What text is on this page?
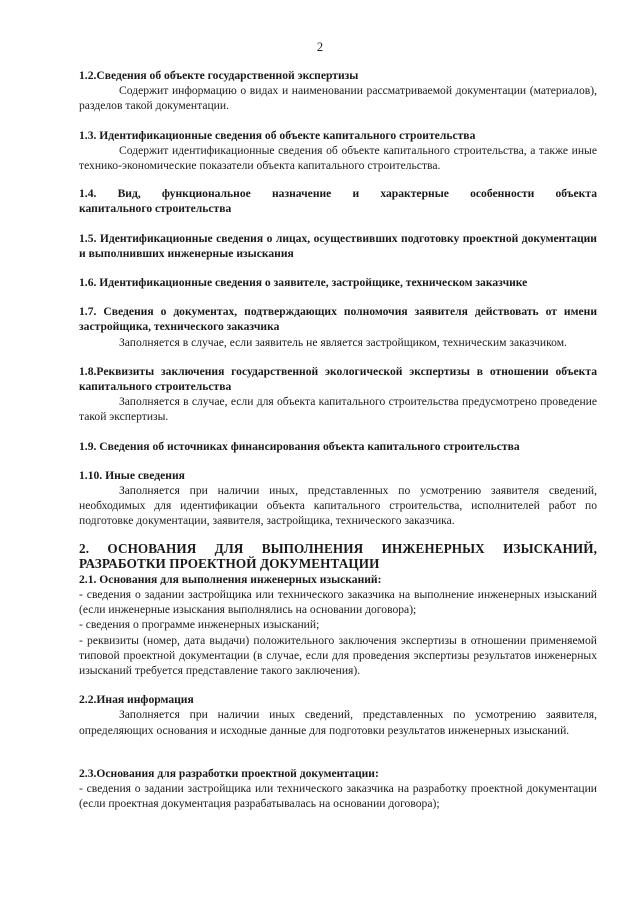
2
1.2.Сведения об объекте государственной экспертизы
Содержит информацию о видах и наименовании рассматриваемой документации (материалов), разделов такой документации.
1.3. Идентификационные сведения об объекте капитального строительства
Содержит идентификационные сведения об объекте капитального строительства, а также иные технико-экономические показатели объекта капитального строительства.
1.4. Вид, функциональное назначение и характерные особенности объекта
капитального строительства
1.5. Идентификационные сведения о лицах, осуществивших подготовку проектной документации и выполнивших инженерные изыскания
1.6. Идентификационные сведения о заявителе, застройщике, техническом заказчике
1.7. Сведения о документах, подтверждающих полномочия заявителя действовать от имени застройщика, технического заказчика
Заполняется в случае, если заявитель не является застройщиком, техническим заказчиком.
1.8.Реквизиты заключения государственной экологической экспертизы в отношении объекта капитального строительства
Заполняется в случае, если для объекта капитального строительства предусмотрено проведение такой экспертизы.
1.9. Сведения об источниках финансирования объекта капитального строительства
1.10. Иные сведения
Заполняется при наличии иных, представленных по усмотрению заявителя сведений, необходимых для идентификации объекта капитального строительства, исполнителей работ по подготовке документации, заявителя, застройщика, технического заказчика.
2. ОСНОВАНИЯ ДЛЯ ВЫПОЛНЕНИЯ ИНЖЕНЕРНЫХ ИЗЫСКАНИЙ, РАЗРАБОТКИ ПРОЕКТНОЙ ДОКУМЕНТАЦИИ
2.1. Основания для выполнения инженерных изысканий:
- сведения о задании застройщика или технического заказчика на выполнение инженерных изысканий (если инженерные изыскания выполнялись на основании договора);
- сведения о программе инженерных изысканий;
- реквизиты (номер, дата выдачи) положительного заключения экспертизы в отношении применяемой типовой проектной документации (в случае, если для проведения экспертизы результатов инженерных изысканий требуется представление такого заключения).
2.2.Иная информация
Заполняется при наличии иных сведений, представленных по усмотрению заявителя, определяющих основания и исходные данные для подготовки результатов инженерных изысканий.
2.3.Основания для разработки проектной документации:
- сведения о задании застройщика или технического заказчика на разработку проектной документации (если проектная документация разрабатывалась на основании договора);
